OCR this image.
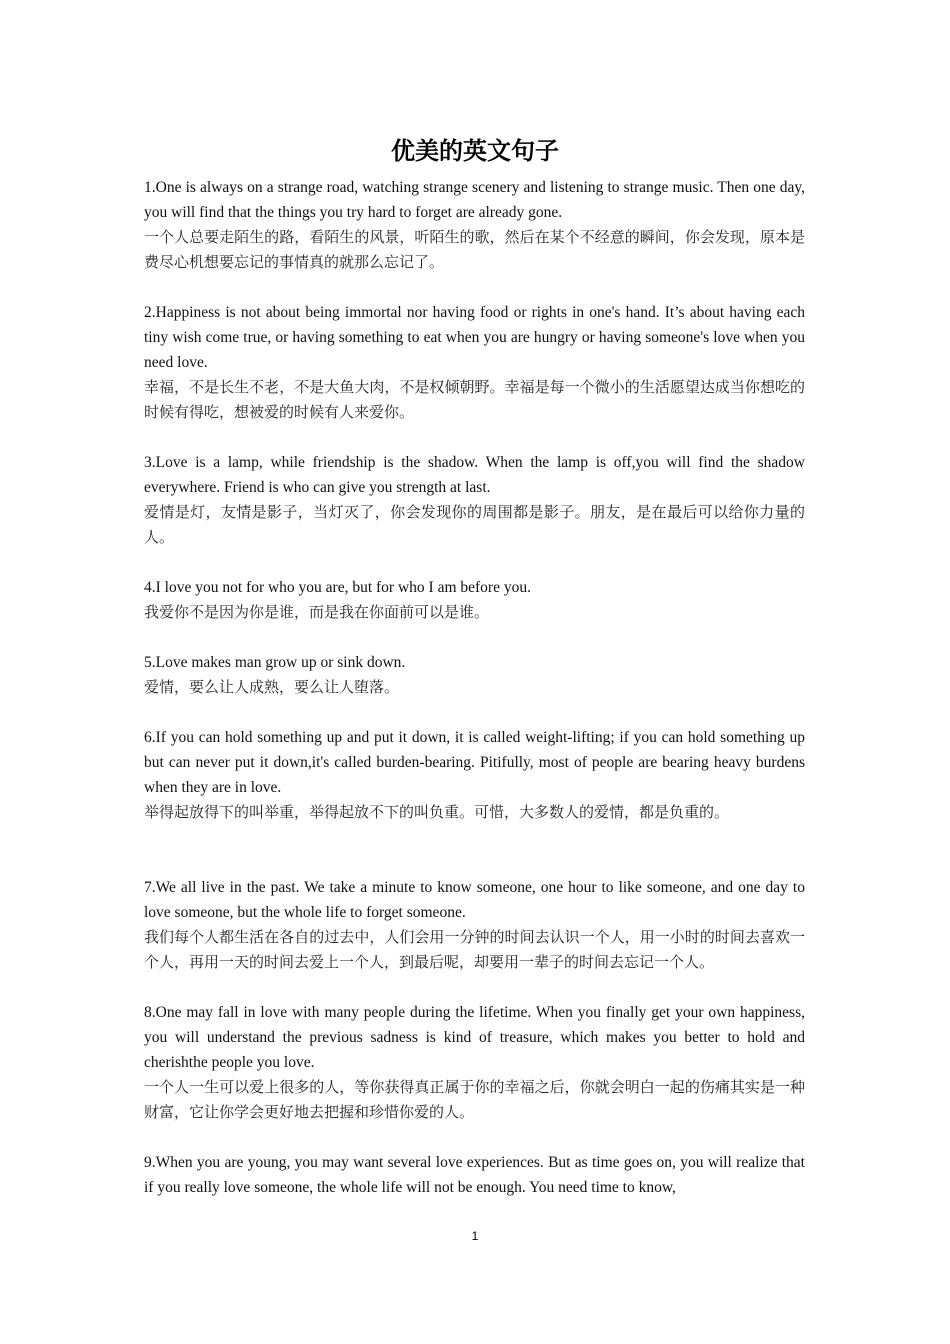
优美的英文句子

1.One is always on a strange road, watching strange scenery and listening to strange music. Then one day, you will find that the things you try hard to forget are already gone.

一个人总要走陌生的路，看陌生的风景，听陌生的歌，然后在某个不经意的瞬间，你会发现，原本是费尽心机想要忘记的事情真的就那么忘记了。

2.Happiness is not about being immortal nor having food or rights in one's hand. It’s about having each tiny wish come true, or having something to eat when you are hungry or having someone's love when you need love.

幸福，不是长生不老，不是大鱼大肉，不是权倾朝野。幸福是每一个微小的生活愿望达成当你想吃的时候有得吃，想被爱的时候有人来爱你。

3.Love is a lamp, while friendship is the shadow. When the lamp is off,you will find the shadow everywhere. Friend is who can give you strength at last.

爱情是灯，友情是影子，当灯灭了，你会发现你的周围都是影子。朋友，是在最后可以给你力量的人。

4.I love you not for who you are, but for who I am before you.

我爱你不是因为你是谁，而是我在你面前可以是谁。

5.Love makes man grow up or sink down.

爱情，要么让人成熟，要么让人堕落。

6.If you can hold something up and put it down, it is called weight-lifting; if you can hold something up but can never put it down,it's called burden-bearing. Pitifully, most of people are bearing heavy burdens when they are in love.

举得起放得下的叫举重，举得起放不下的叫负重。可惜，大多数人的爱情，都是负重的。

7.We all live in the past. We take a minute to know someone, one hour to like someone, and one day to love someone, but the whole life to forget someone.

我们每个人都生活在各自的过去中，人们会用一分钟的时间去认识一个人，用一小时的时间去喜欢一个人，再用一天的时间去爱上一个人，到最后呢，却要用一辈子的时间去忘记一个人。

8.One may fall in love with many people during the lifetime. When you finally get your own happiness, you will understand the previous sadness is kind of treasure, which makes you better to hold and cherishthe people you love.

一个人一生可以爱上很多的人，等你获得真正属于你的幸福之后，你就会明白一起的伤痛其实是一种财富，它让你学会更好地去把握和珍惜你爱的人。

9.When you are young, you may want several love experiences. But as time goes on, you will realize that if you really love someone, the whole life will not be enough. You need time to know,

1
